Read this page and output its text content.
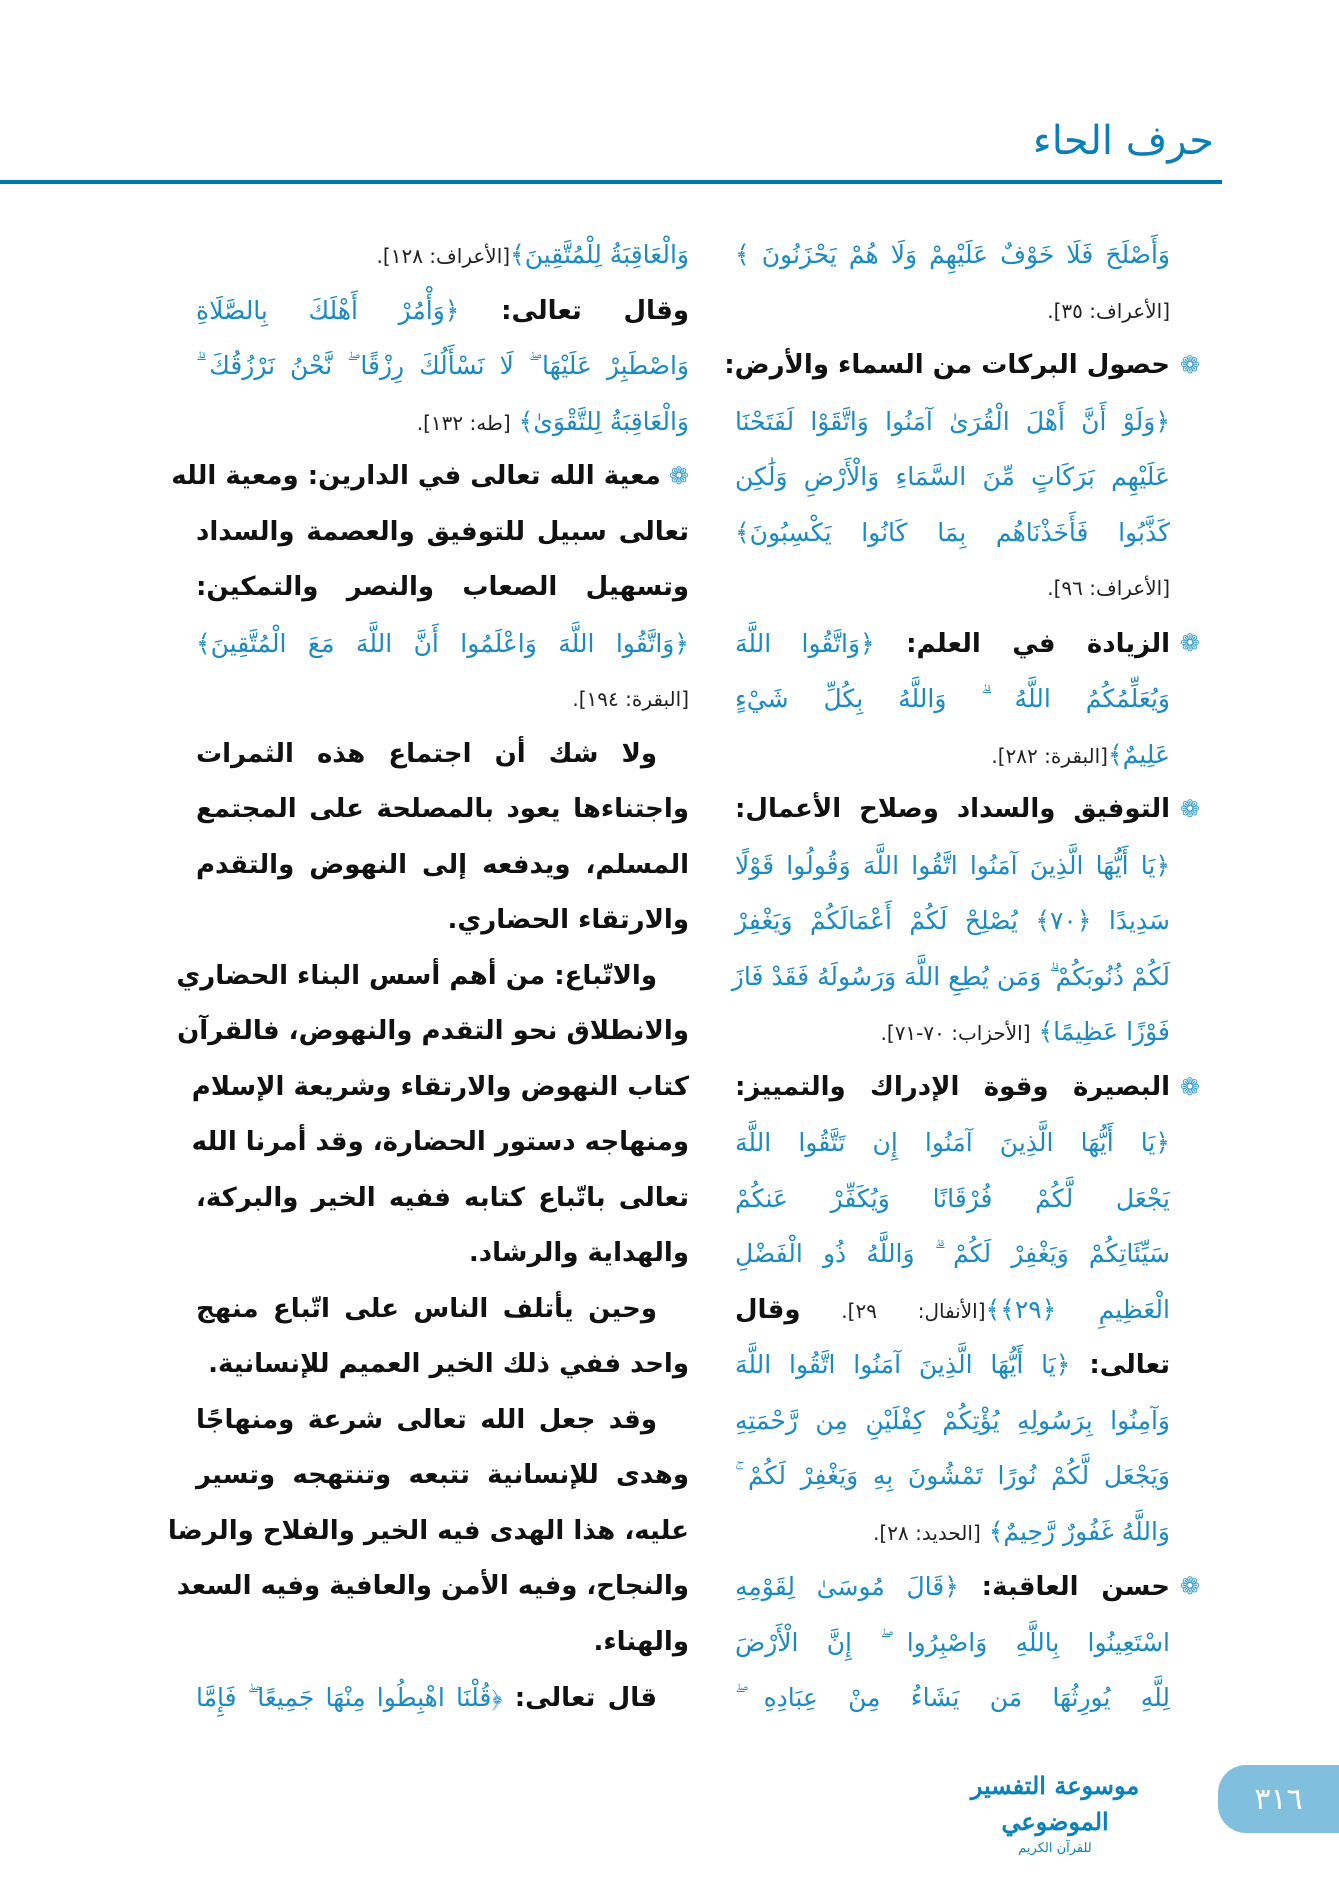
حرف الحاء
وَأَصْلَحَ فَلَا خَوْفٌ عَلَيْهِمْ وَلَا هُمْ يَحْزَنُونَ ﴾
[الأعراف: ٣٥].
❁
حصول البركات من السماء والأرض:
﴿وَلَوْ أَنَّ أَهْلَ الْقُرَىٰ آمَنُوا وَاتَّقَوْا لَفَتَحْنَا
عَلَيْهِم بَرَكَاتٍ مِّنَ السَّمَاءِ وَالْأَرْضِ وَلَٰكِن
كَذَّبُوا فَأَخَذْنَاهُم بِمَا كَانُوا يَكْسِبُونَ﴾
[الأعراف: ٩٦].
❁
الزيادة في العلم: ﴿وَاتَّقُوا اللَّهَ
وَيُعَلِّمُكُمُ اللَّهُ ۗ وَاللَّهُ بِكُلِّ شَيْءٍ
عَلِيمٌ﴾[البقرة: ٢٨٢].
❁
التوفيق والسداد وصلاح الأعمال:
﴿يَا أَيُّهَا الَّذِينَ آمَنُوا اتَّقُوا اللَّهَ وَقُولُوا قَوْلًا
سَدِيدًا ﴿٧٠﴾ يُصْلِحْ لَكُمْ أَعْمَالَكُمْ وَيَغْفِرْ
لَكُمْ ذُنُوبَكُمْ ۗ وَمَن يُطِعِ اللَّهَ وَرَسُولَهُ فَقَدْ فَازَ
فَوْزًا عَظِيمًا﴾ [الأحزاب: ٧٠-٧١].
❁
البصيرة وقوة الإدراك والتمييز:
﴿يَا أَيُّهَا الَّذِينَ آمَنُوا إِن تَتَّقُوا اللَّهَ
يَجْعَل لَّكُمْ فُرْقَانًا وَيُكَفِّرْ عَنكُمْ
سَيِّئَاتِكُمْ وَيَغْفِرْ لَكُمْ ۗ وَاللَّهُ ذُو الْفَضْلِ
الْعَظِيمِ ﴿٢٩﴾﴾[الأنفال: ٢٩]. وقال
تعالى: ﴿يَا أَيُّهَا الَّذِينَ آمَنُوا اتَّقُوا اللَّهَ
وَآمِنُوا بِرَسُولِهِ يُؤْتِكُمْ كِفْلَيْنِ مِن رَّحْمَتِهِ
وَيَجْعَل لَّكُمْ نُورًا تَمْشُونَ بِهِ وَيَغْفِرْ لَكُمْ ۚ
وَاللَّهُ غَفُورٌ رَّحِيمٌ﴾ [الحديد: ٢٨].
❁
حسن العاقبة: ﴿قَالَ مُوسَىٰ لِقَوْمِهِ
اسْتَعِينُوا بِاللَّهِ وَاصْبِرُوا ۖ إِنَّ الْأَرْضَ
لِلَّهِ يُورِثُهَا مَن يَشَاءُ مِنْ عِبَادِهِ ۖ
وَالْعَاقِبَةُ لِلْمُتَّقِينَ﴾[الأعراف: ١٢٨].
وقال تعالى: ﴿وَأْمُرْ أَهْلَكَ بِالصَّلَاةِ
وَاصْطَبِرْ عَلَيْهَا ۖ لَا نَسْأَلُكَ رِزْقًا ۖ نَّحْنُ نَرْزُقُكَ ۗ
وَالْعَاقِبَةُ لِلتَّقْوَىٰ﴾ [طه: ١٣٢].
❁معية الله تعالى في الدارين: ومعية الله
تعالى سبيل للتوفيق والعصمة والسداد
وتسهيل الصعاب والنصر والتمكين:
﴿وَاتَّقُوا اللَّهَ وَاعْلَمُوا أَنَّ اللَّهَ مَعَ الْمُتَّقِينَ﴾
[البقرة: ١٩٤].
ولا شك أن اجتماع هذه الثمرات
واجتناءها يعود بالمصلحة على المجتمع
المسلم، ويدفعه إلى النهوض والتقدم
والارتقاء الحضاري.
والاتّباع: من أهم أسس البناء الحضاري
والانطلاق نحو التقدم والنهوض، فالقرآن
كتاب النهوض والارتقاء وشريعة الإسلام
ومنهاجه دستور الحضارة، وقد أمرنا الله
تعالى باتّباع كتابه ففيه الخير والبركة،
والهداية والرشاد.
وحين يأتلف الناس على اتّباع منهج
واحد ففي ذلك الخير العميم للإنسانية.
وقد جعل الله تعالى شرعة ومنهاجًا
وهدى للإنسانية تتبعه وتنتهجه وتسير
عليه، هذا الهدى فيه الخير والفلاح والرضا
والنجاح، وفيه الأمن والعافية وفيه السعد
والهناء.
قال تعالى: ﴿قُلْنَا اهْبِطُوا مِنْهَا جَمِيعًا ۖ فَإِمَّا
موسوعة التفسير الموضوعي
للقرآن الكريم
٣١٦
